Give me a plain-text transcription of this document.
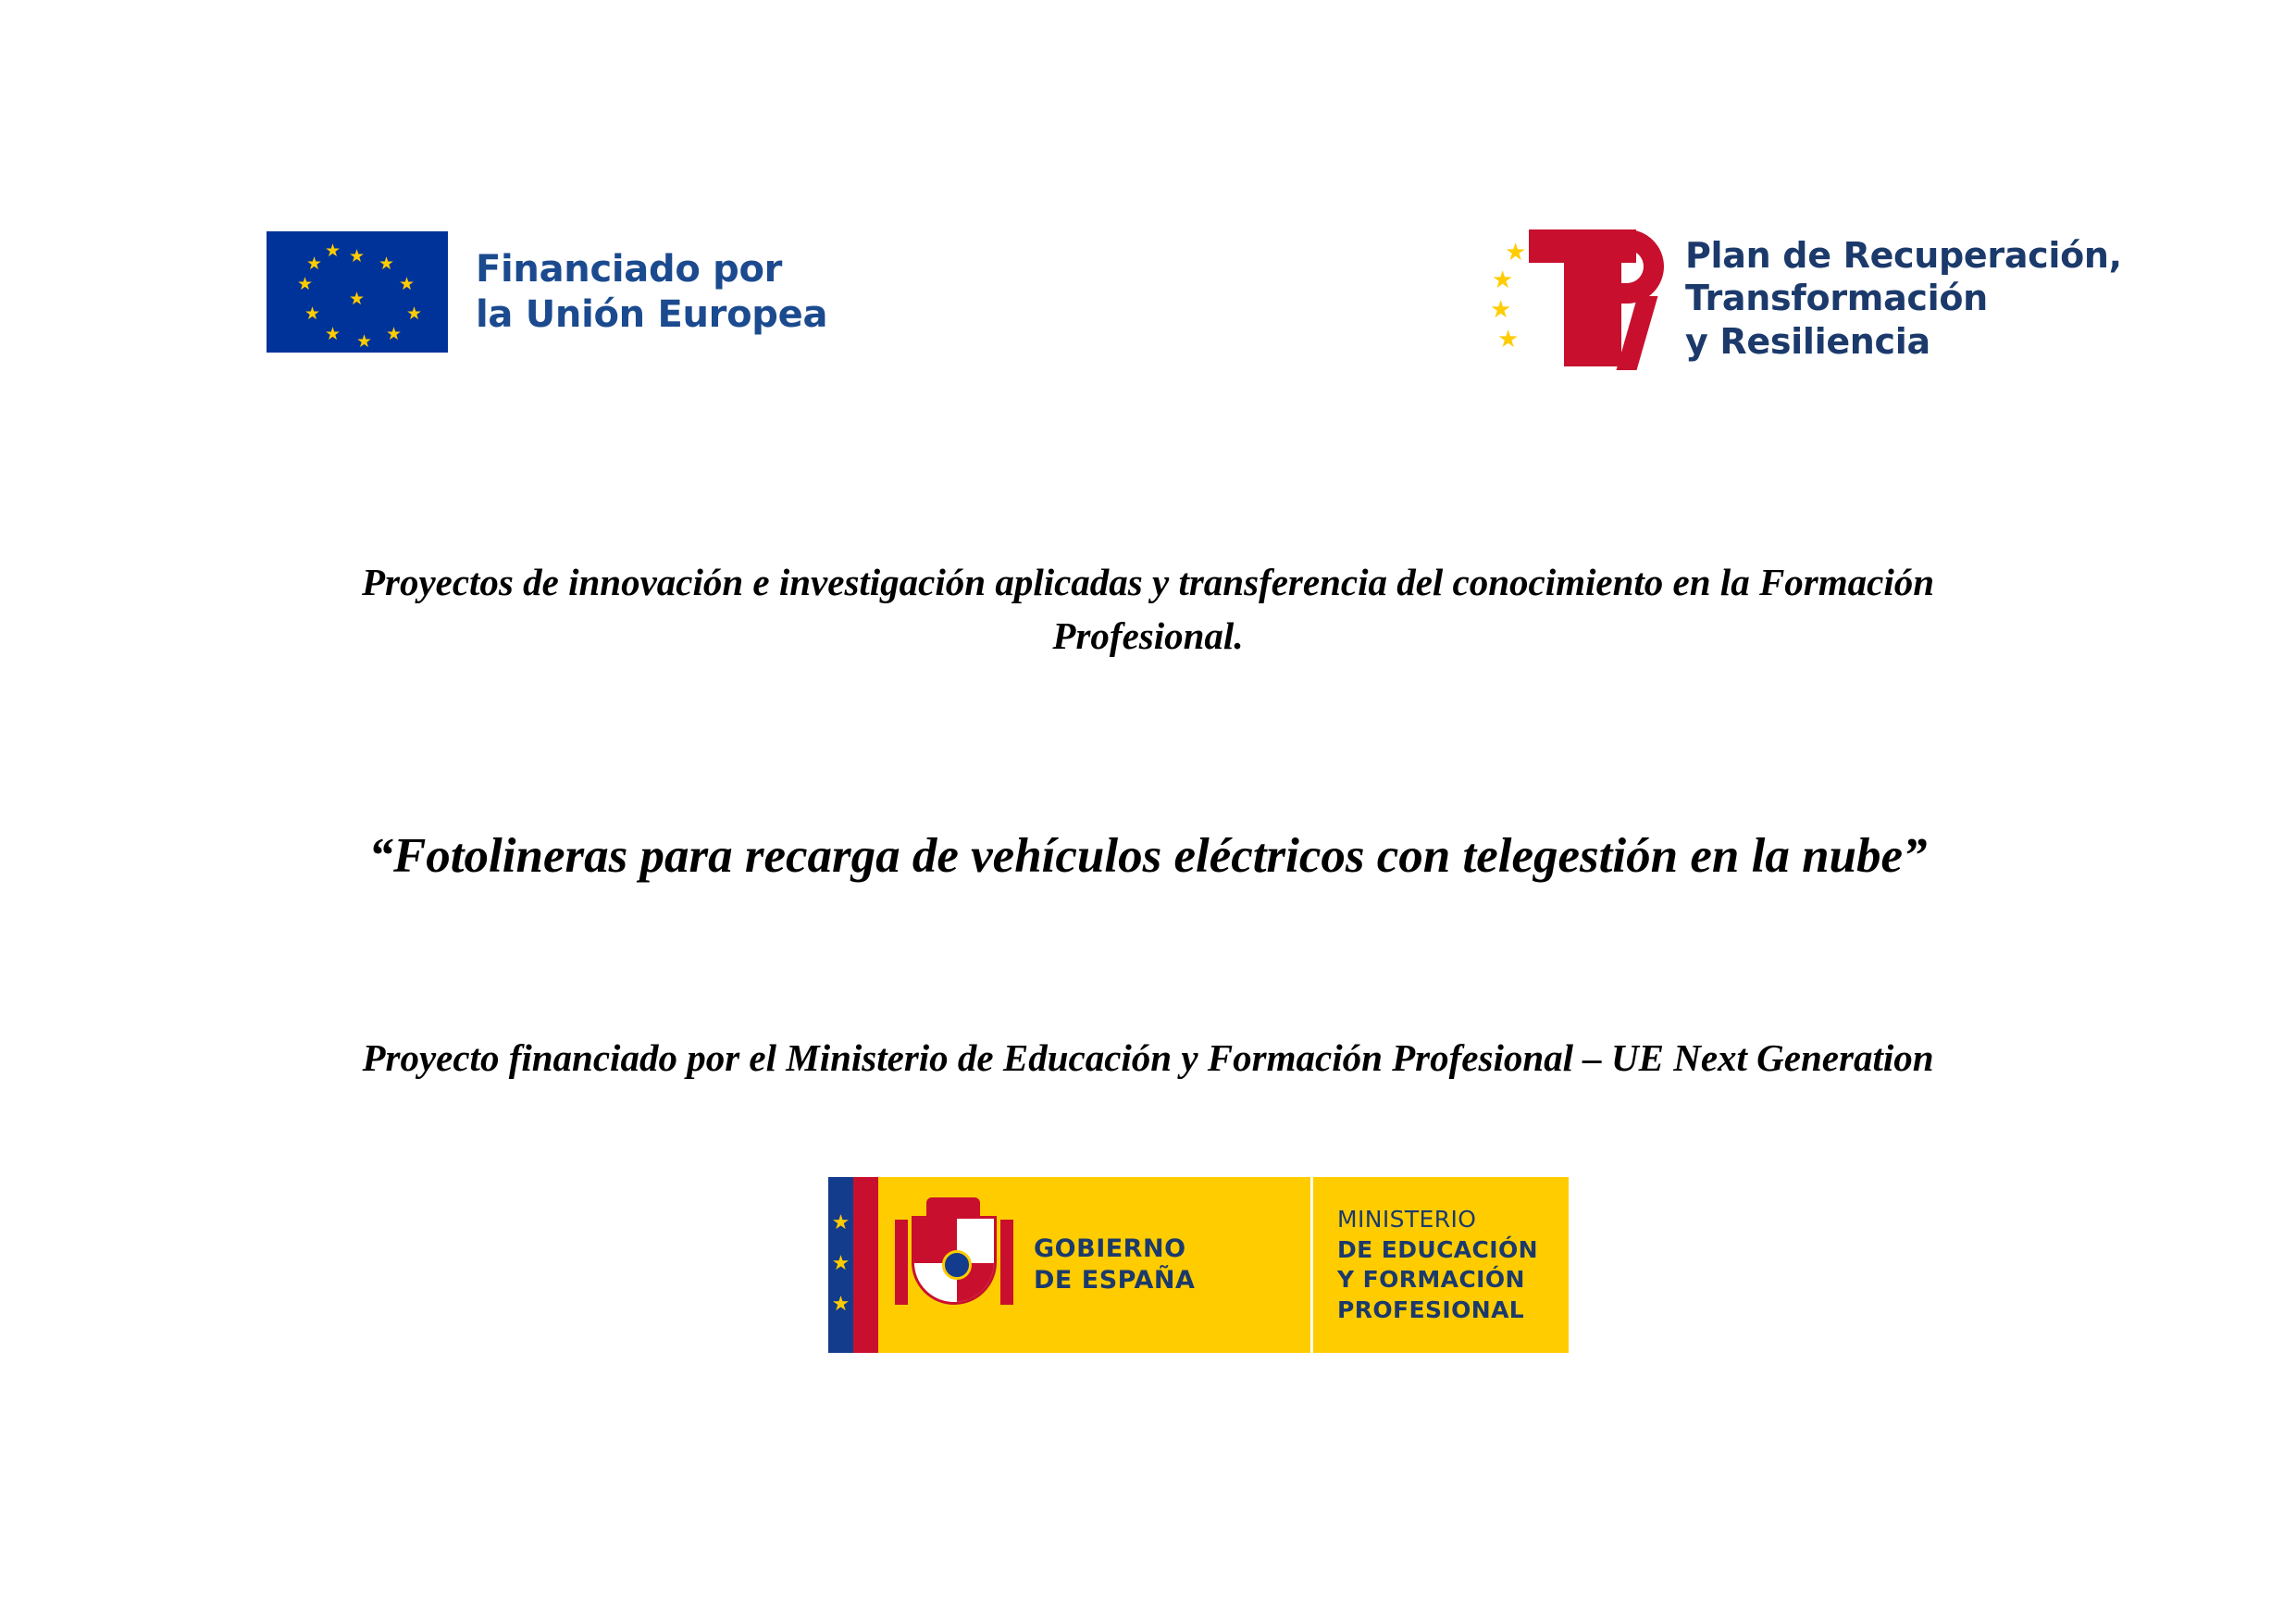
★ ★
★
★
★
★
★
★
★
★
★
★
Financiado por
la Unión Europea
★
★
★
★
Plan de Recuperación,
Transformación
y Resiliencia

Proyectos de innovación e investigación aplicadas y transferencia del conocimiento en la Formación Profesional.

“Fotolineras para recarga de vehículos eléctricos con telegestión en la nube”

Proyecto financiado por el Ministerio de Educación y Formación Profesional – UE Next Generation

★
★
★
GOBIERNO
DE ESPAÑA
MINISTERIO
DE EDUCACIÓN
Y FORMACIÓN PROFESIONAL
